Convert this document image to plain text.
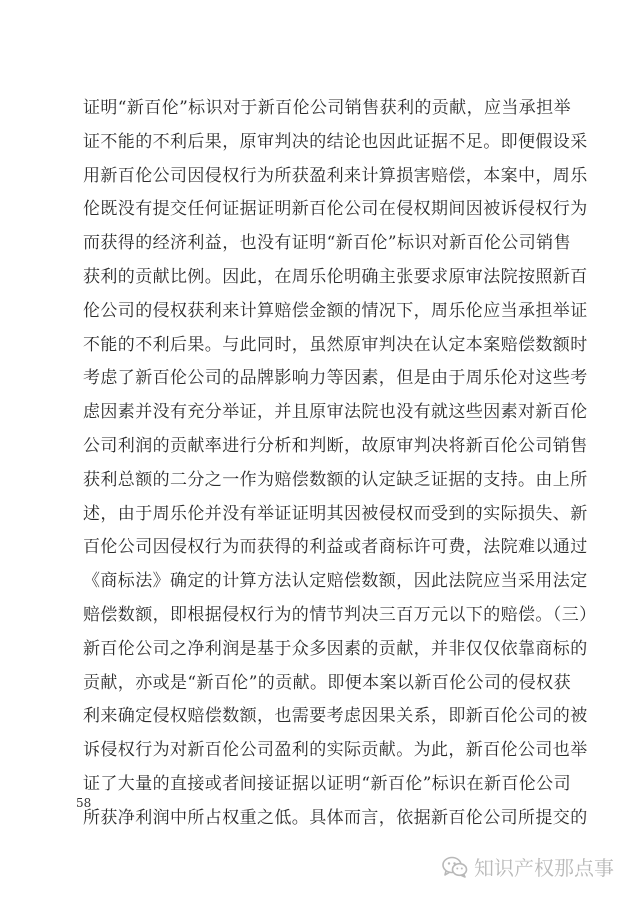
证明“新百伦”标识对于新百伦公司销售获利的贡献，应当承担举
证不能的不利后果，原审判决的结论也因此证据不足。即便假设采
用新百伦公司因侵权行为所获盈利来计算损害赔偿，本案中，周乐
伦既没有提交任何证据证明新百伦公司在侵权期间因被诉侵权行为
而获得的经济利益，也没有证明“新百伦”标识对新百伦公司销售
获利的贡献比例。因此，在周乐伦明确主张要求原审法院按照新百
伦公司的侵权获利来计算赔偿金额的情况下，周乐伦应当承担举证
不能的不利后果。与此同时，虽然原审判决在认定本案赔偿数额时
考虑了新百伦公司的品牌影响力等因素，但是由于周乐伦对这些考
虑因素并没有充分举证，并且原审法院也没有就这些因素对新百伦
公司利润的贡献率进行分析和判断，故原审判决将新百伦公司销售
获利总额的二分之一作为赔偿数额的认定缺乏证据的支持。由上所
述，由于周乐伦并没有举证证明其因被侵权而受到的实际损失、新
百伦公司因侵权行为而获得的利益或者商标许可费，法院难以通过
《商标法》确定的计算方法认定赔偿数额，因此法院应当采用法定
赔偿数额，即根据侵权行为的情节判决三百万元以下的赔偿。（三）
新百伦公司之净利润是基于众多因素的贡献，并非仅仅依靠商标的
贡献，亦或是“新百伦”的贡献。即便本案以新百伦公司的侵权获
利来确定侵权赔偿数额，也需要考虑因果关系，即新百伦公司的被
诉侵权行为对新百伦公司盈利的实际贡献。为此，新百伦公司也举
证了大量的直接或者间接证据以证明“新百伦”标识在新百伦公司
所获净利润中所占权重之低。具体而言，依据新百伦公司所提交的
58
知识产权那点事
